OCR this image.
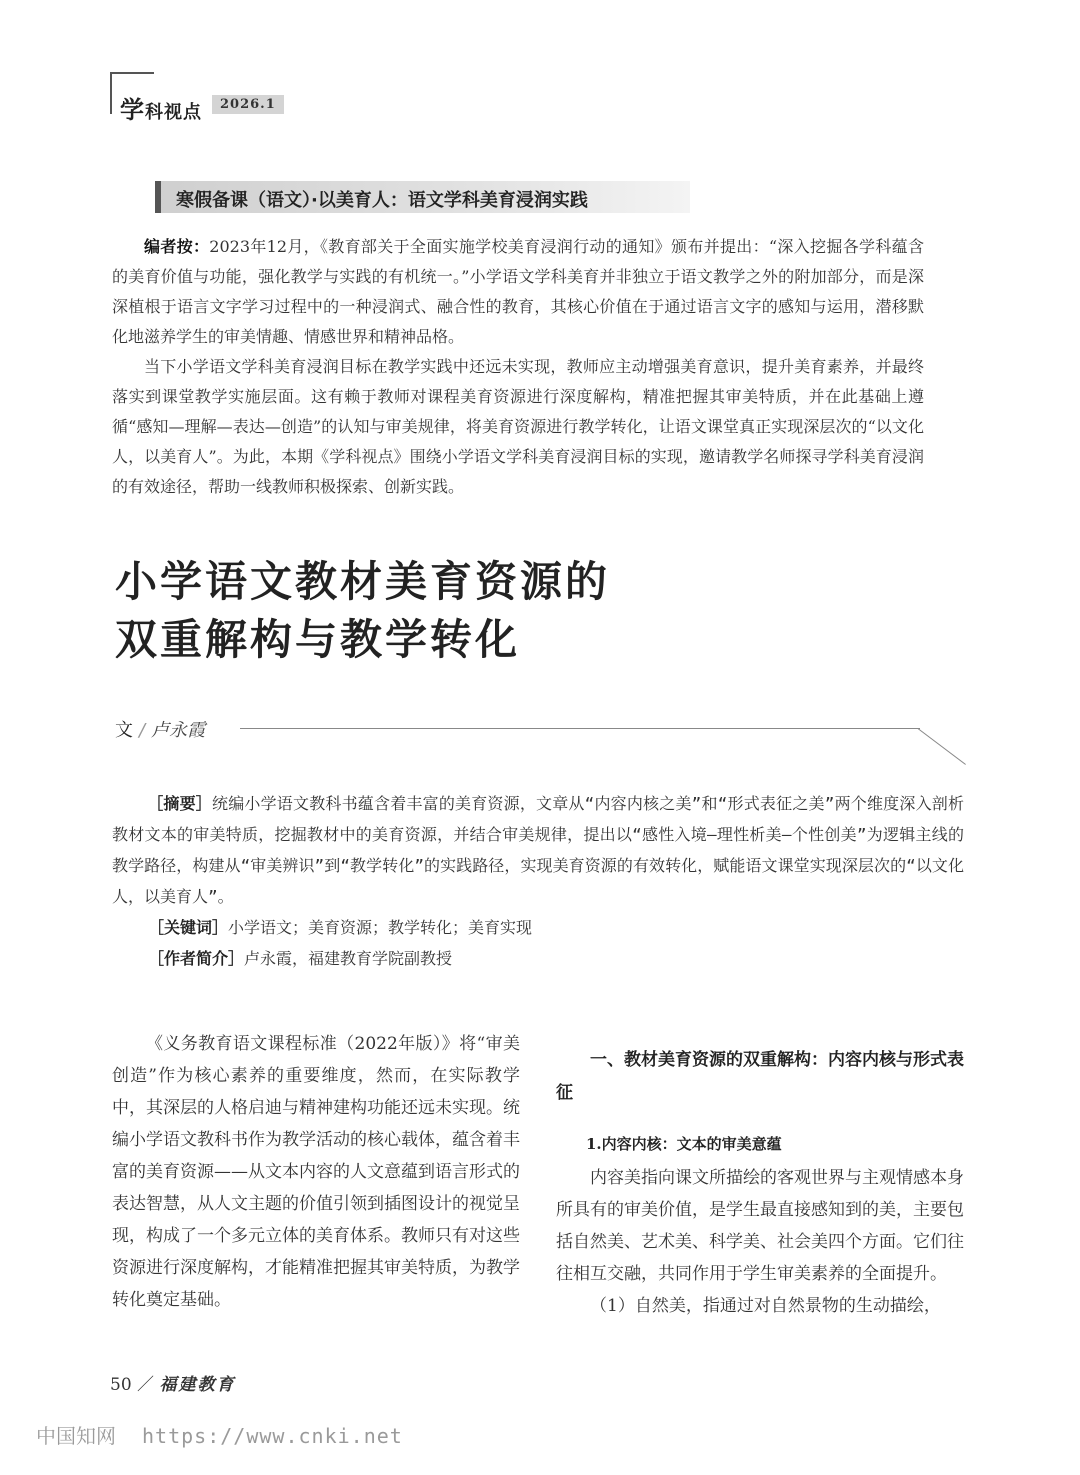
学科视点	2026.1
寒假备课（语文）·以美育人：语文学科美育浸润实践

编者按：2023年12月，《教育部关于全面实施学校美育浸润行动的通知》颁布并提出：“深入挖掘各学科蕴含的美育价值与功能，强化教学与实践的有机统一。”小学语文学科美育并非独立于语文教学之外的附加部分，而是深深植根于语言文字学习过程中的一种浸润式、融合性的教育，其核心价值在于通过语言文字的感知与运用，潜移默化地滋养学生的审美情趣、情感世界和精神品格。

当下小学语文学科美育浸润目标在教学实践中还远未实现，教师应主动增强美育意识，提升美育素养，并最终落实到课堂教学实施层面。这有赖于教师对课程美育资源进行深度解构，精准把握其审美特质，并在此基础上遵循“感知—理解—表达—创造”的认知与审美规律，将美育资源进行教学转化，让语文课堂真正实现深层次的“以文化人，以美育人”。为此，本期《学科视点》围绕小学语文学科美育浸润目标的实现，邀请教学名师探寻学科美育浸润的有效途径，帮助一线教师积极探索、创新实践。

小学语文教材美育资源的
双重解构与教学转化
文 / 卢永霞

［摘要］统编小学语文教科书蕴含着丰富的美育资源，文章从“内容内核之美”和“形式表征之美”两个维度深入剖析教材文本的审美特质，挖掘教材中的美育资源，并结合审美规律，提出以“感性入境—理性析美—个性创美”为逻辑主线的教学路径，构建从“审美辨识”到“教学转化”的实践路径，实现美育资源的有效转化，赋能语文课堂实现深层次的“以文化人，以美育人”。

［关键词］小学语文；美育资源；教学转化；美育实现

［作者简介］卢永霞，福建教育学院副教授

《义务教育语文课程标准（2022年版）》将“审美创造”作为核心素养的重要维度，然而，在实际教学中，其深层的人格启迪与精神建构功能还远未实现。统编小学语文教科书作为教学活动的核心载体，蕴含着丰富的美育资源——从文本内容的人文意蕴到语言形式的表达智慧，从人文主题的价值引领到插图设计的视觉呈现，构成了一个多元立体的美育体系。教师只有对这些资源进行深度解构，才能精准把握其审美特质，为教学转化奠定基础。

一、教材美育资源的双重解构：内容内核与形式表征

1.内容内核：文本的审美意蕴

内容美指向课文所描绘的客观世界与主观情感本身所具有的审美价值，是学生最直接感知到的美，主要包括自然美、艺术美、科学美、社会美四个方面。它们往往相互交融，共同作用于学生审美素养的全面提升。

（1）自然美，指通过对自然景物的生动描绘，

50 ／ 福建教育
中国知网 https://www.cnki.net
